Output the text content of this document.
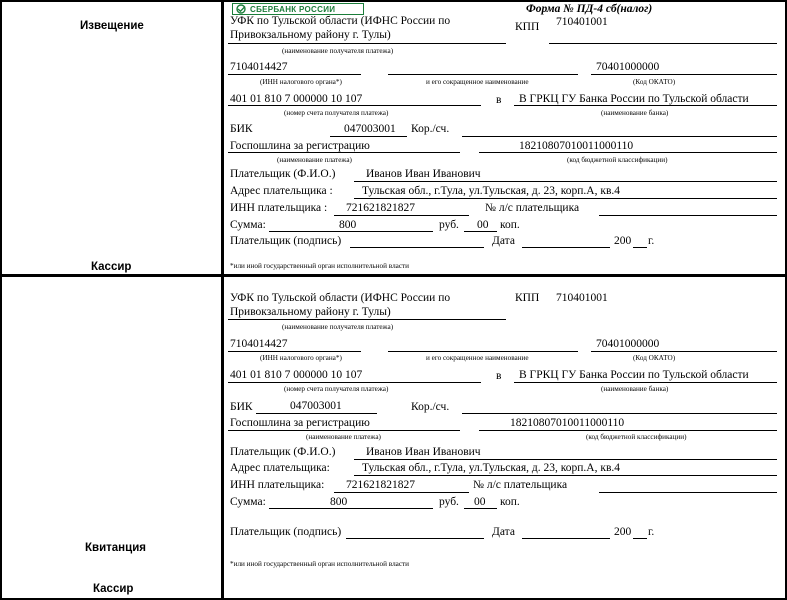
Извещение
Кассир
Квитанция
Кассир
СБЕРБАНК РОССИИ	Форма № ПД-4 сб(налог)
УФК по Тульской области (ИФНС России по
Привокзальному району г. Тулы)
КПП 710401001
(наименование получателя платежа)
7104014427	70401000000
(ИНН налогового органа*)	и его сокращенное наименование	(Код ОКАТО)
401 01 810 7 000000 10 107	в В ГРКЦ ГУ Банка России по Тульской области
(номер счета получателя платежа)	(наименование банка)
БИК	047003001 Кор./сч.
Госпошлина за регистрацию	18210807010011000110
(наименование платежа)	(код бюджетной классификации)
Плательщик (Ф.И.О.)	Иванов Иван Иванович
Адрес плательщика :	Тульская обл., г.Тула, ул.Тульская, д. 23, корп.А, кв.4
ИНН плательщика : 721621821827	№ л/с плательщика
Сумма:	800	руб. 00 коп.
Плательщик (подпись)	Дата	200 г.
*или иной государственный орган исполнительной власти
УФК по Тульской области (ИФНС России по
Привокзальному району г. Тулы)
КПП 710401001
(наименование получателя платежа)
7104014427	70401000000
(ИНН налогового органа*)	и его сокращенное наименование	(Код ОКАТО)
401 01 810 7 000000 10 107	в В ГРКЦ ГУ Банка России по Тульской области
(номер счета получателя платежа)	(наименование банка)
БИК	047003001	Кор./сч.
Госпошлина за регистрацию	18210807010011000110
(наименование платежа)	(код бюджетной классификации)
Плательщик (Ф.И.О.)	Иванов Иван Иванович
Адрес плательщика:	Тульская обл., г.Тула, ул.Тульская, д. 23, корп.А, кв.4
ИНН плательщика: 721621821827	№ л/с плательщика
Сумма:	800	руб. 00 коп.
Плательщик (подпись)	Дата	200 г.
*или иной государственный орган исполнительной власти
